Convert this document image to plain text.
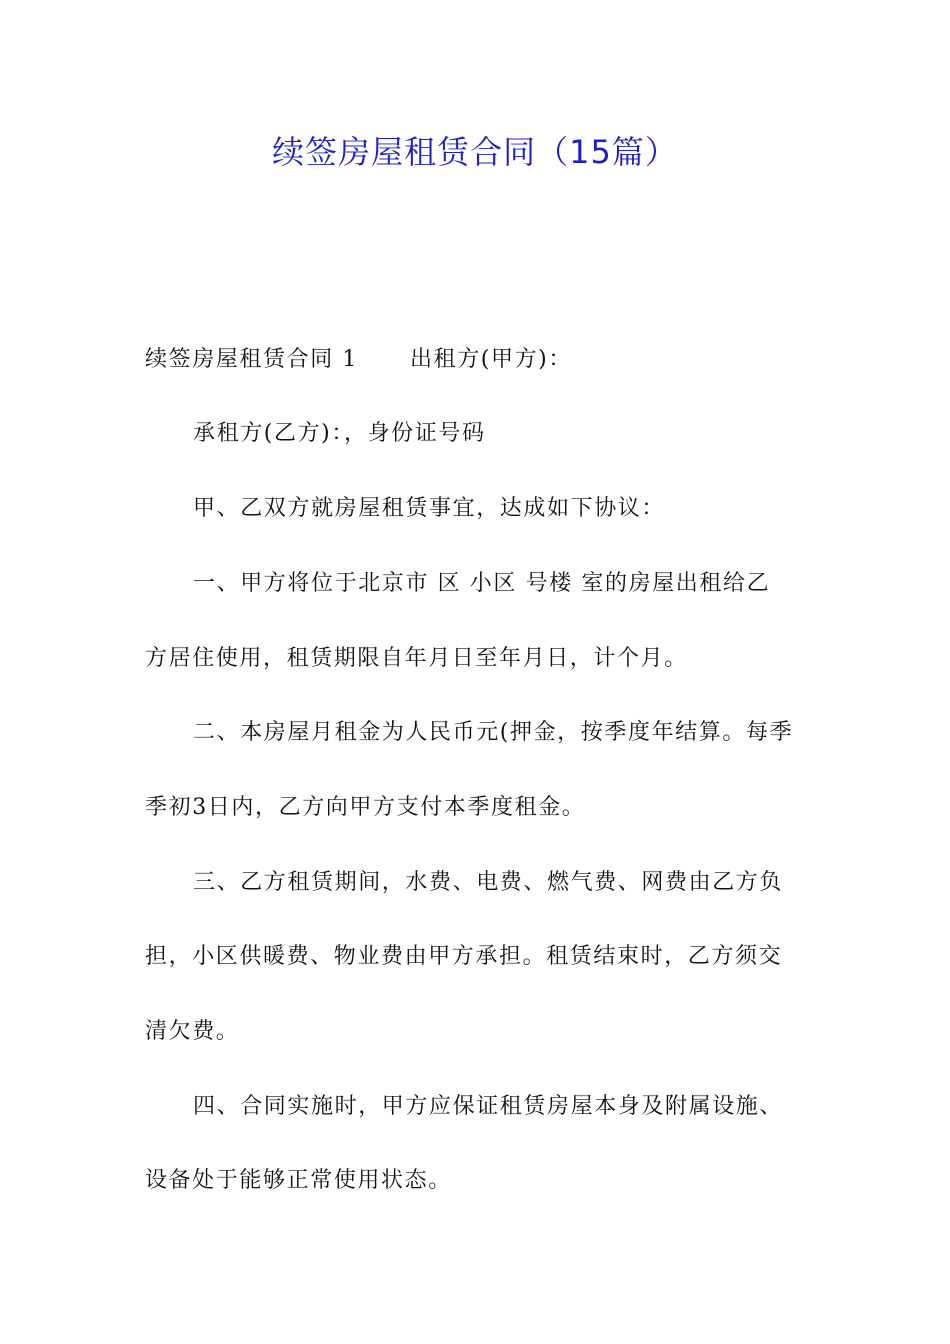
续签房屋租赁合同（15篇）
续签房屋租赁合同 1 出租方(甲方)：
承租方(乙方)：，身份证号码
甲、乙双方就房屋租赁事宜，达成如下协议：
一、甲方将位于北京市 区 小区 号楼 室的房屋出租给乙
方居住使用，租赁期限自年月日至年月日，计个月。
二、本房屋月租金为人民币元(押金，按季度年结算。每季
季初3日内，乙方向甲方支付本季度租金。
三、乙方租赁期间，水费、电费、燃气费、网费由乙方负
担，小区供暖费、物业费由甲方承担。租赁结束时，乙方须交
清欠费。
四、合同实施时，甲方应保证租赁房屋本身及附属设施、
设备处于能够正常使用状态。
